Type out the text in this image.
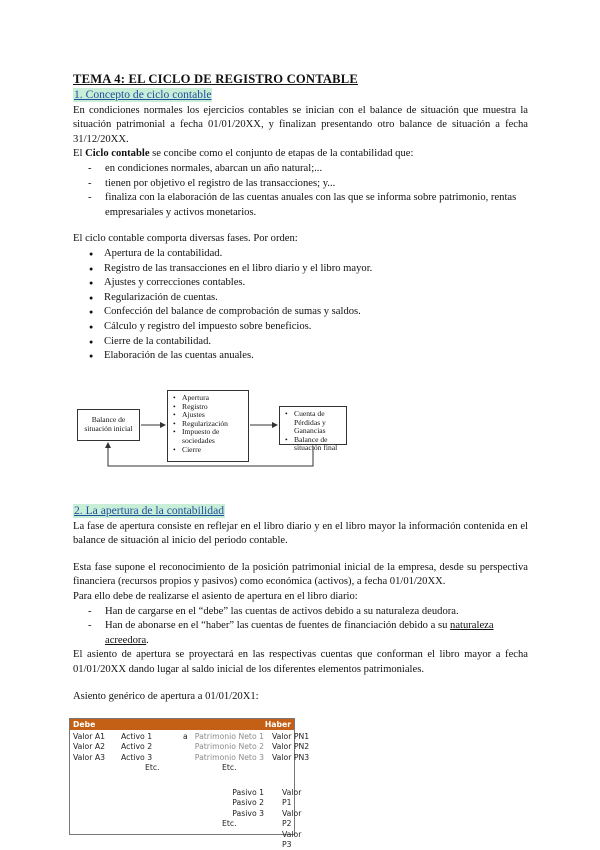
TEMA 4: EL CICLO DE REGISTRO CONTABLE
1. Concepto de ciclo contable

En condiciones normales los ejercicios contables se inician con el balance de situación que muestra la situación patrimonial a fecha 01/01/20XX, y finalizan presentando otro balance de situación a fecha 31/12/20XX.

El Ciclo contable se concibe como el conjunto de etapas de la contabilidad que:

- en condiciones normales, abarcan un año natural;...
- tienen por objetivo el registro de las transacciones; y...
- finaliza con la elaboración de las cuentas anuales con las que se informa sobre patrimonio, rentas empresariales y activos monetarios.

El ciclo contable comporta diversas fases. Por orden:

● Apertura de la contabilidad.
● Registro de las transacciones en el libro diario y el libro mayor.
● Ajustes y correcciones contables.
● Regularización de cuentas.
● Confección del balance de comprobación de sumas y saldos.
● Cálculo y registro del impuesto sobre beneficios.
● Cierre de la contabilidad.
● Elaboración de las cuentas anuales.
Balance de situación inicial
• Apertura
• Registro
• Ajustes
• Regularización
• Impuesto de sociedades
• Cierre
• Cuenta de Pérdidas y Ganancias
• Balance de situación final
2. La apertura de la contabilidad

La fase de apertura consiste en reflejar en el libro diario y en el libro mayor la información contenida en el balance de situación al inicio del periodo contable.

Esta fase supone el reconocimiento de la posición patrimonial inicial de la empresa, desde su perspectiva financiera (recursos propios y pasivos) como económica (activos), a fecha 01/01/20XX.

Para ello debe de realizarse el asiento de apertura en el libro diario:

- Han de cargarse en el “debe” las cuentas de activos debido a su naturaleza deudora.
- Han de abonarse en el “haber” las cuentas de fuentes de financiación debido a su naturaleza acreedora.

El asiento de apertura se proyectará en las respectivas cuentas que conforman el libro mayor a fecha 01/01/20XX dando lugar al saldo inicial de los diferentes elementos patrimoniales.

Asiento genérico de apertura a 01/01/20X1:

Debe	Haber
Valor A1
Valor A2
Valor A3
Activo 1
Activo 2
Activo 3
Etc.
a Patrimonio Neto 1
Patrimonio Neto 2
Patrimonio Neto 3
Etc.
Valor PN1
Valor PN2
Valor PN3
Pasivo 1
Pasivo 2
Pasivo 3
Etc.
Valor P1
Valor P2
Valor P3
